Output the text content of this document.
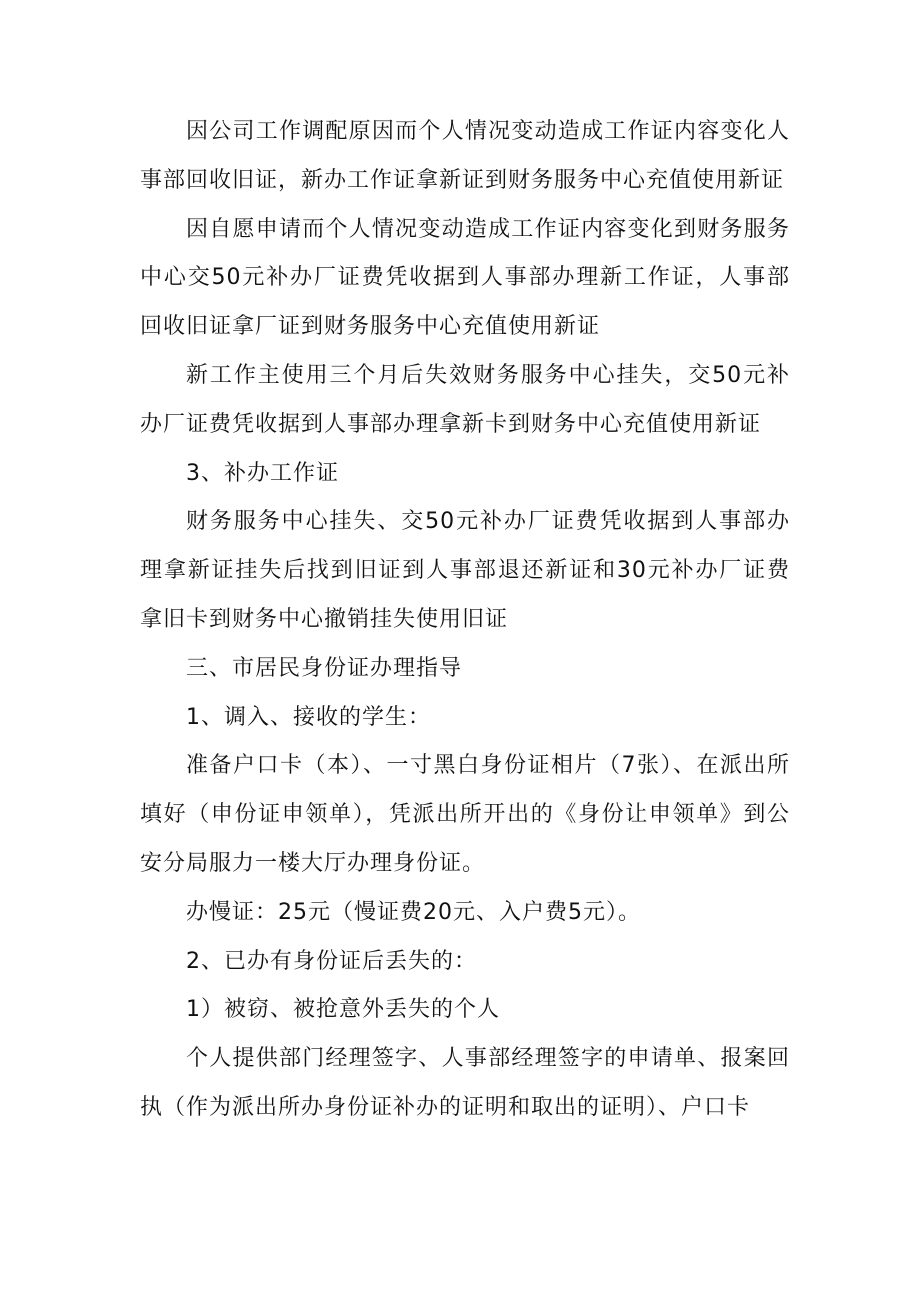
因公司工作调配原因而个人情况变动造成工作证内容变化人事部回收旧证，新办工作证拿新证到财务服务中心充值使用新证

因自愿申请而个人情况变动造成工作证内容变化到财务服务中心交50元补办厂证费凭收据到人事部办理新工作证，人事部回收旧证拿厂证到财务服务中心充值使用新证

新工作主使用三个月后失效财务服务中心挂失，交50元补办厂证费凭收据到人事部办理拿新卡到财务中心充值使用新证

3、补办工作证

财务服务中心挂失、交50元补办厂证费凭收据到人事部办理拿新证挂失后找到旧证到人事部退还新证和30元补办厂证费拿旧卡到财务中心撤销挂失使用旧证

三、市居民身份证办理指导

1、调入、接收的学生：

准备户口卡（本）、一寸黑白身份证相片（7张）、在派出所填好（申份证申领单），凭派出所开出的《身份让申领单》到公安分局服力一楼大厅办理身份证。

办慢证：25元（慢证费20元、入户费5元）。

2、已办有身份证后丢失的：

1）被窃、被抢意外丢失的个人

个人提供部门经理签字、人事部经理签字的申请单、报案回执（作为派出所办身份证补办的证明和取出的证明）、户口卡
